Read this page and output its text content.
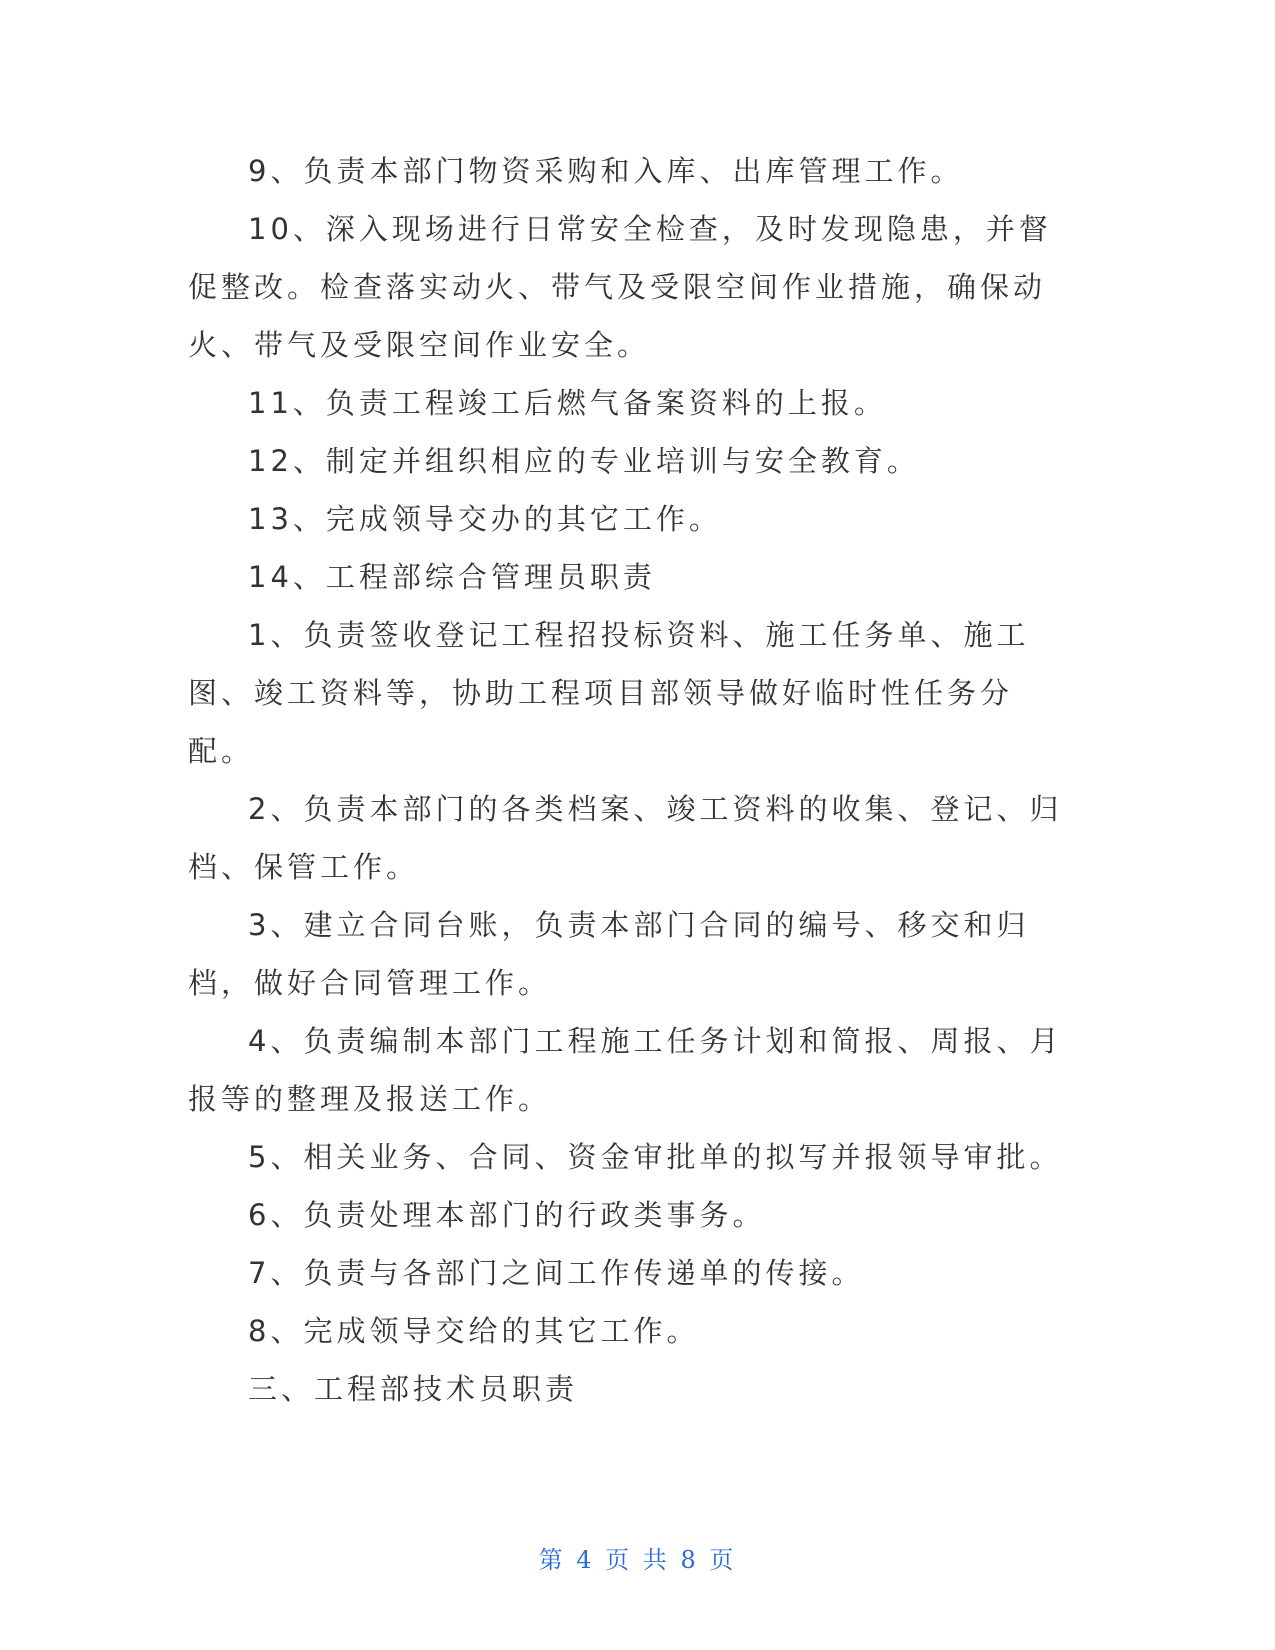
9、负责本部门物资采购和入库、出库管理工作。

10、深入现场进行日常安全检查，及时发现隐患，并督促整改。检查落实动火、带气及受限空间作业措施，确保动火、带气及受限空间作业安全。

11、负责工程竣工后燃气备案资料的上报。

12、制定并组织相应的专业培训与安全教育。

13、完成领导交办的其它工作。

14、工程部综合管理员职责

1、负责签收登记工程招投标资料、施工任务单、施工图、竣工资料等，协助工程项目部领导做好临时性任务分配。

2、负责本部门的各类档案、竣工资料的收集、登记、归档、保管工作。

3、建立合同台账，负责本部门合同的编号、移交和归档，做好合同管理工作。

4、负责编制本部门工程施工任务计划和简报、周报、月报等的整理及报送工作。

5、相关业务、合同、资金审批单的拟写并报领导审批。

6、负责处理本部门的行政类事务。

7、负责与各部门之间工作传递单的传接。

8、完成领导交给的其它工作。

三、工程部技术员职责

第 4 页 共 8 页
